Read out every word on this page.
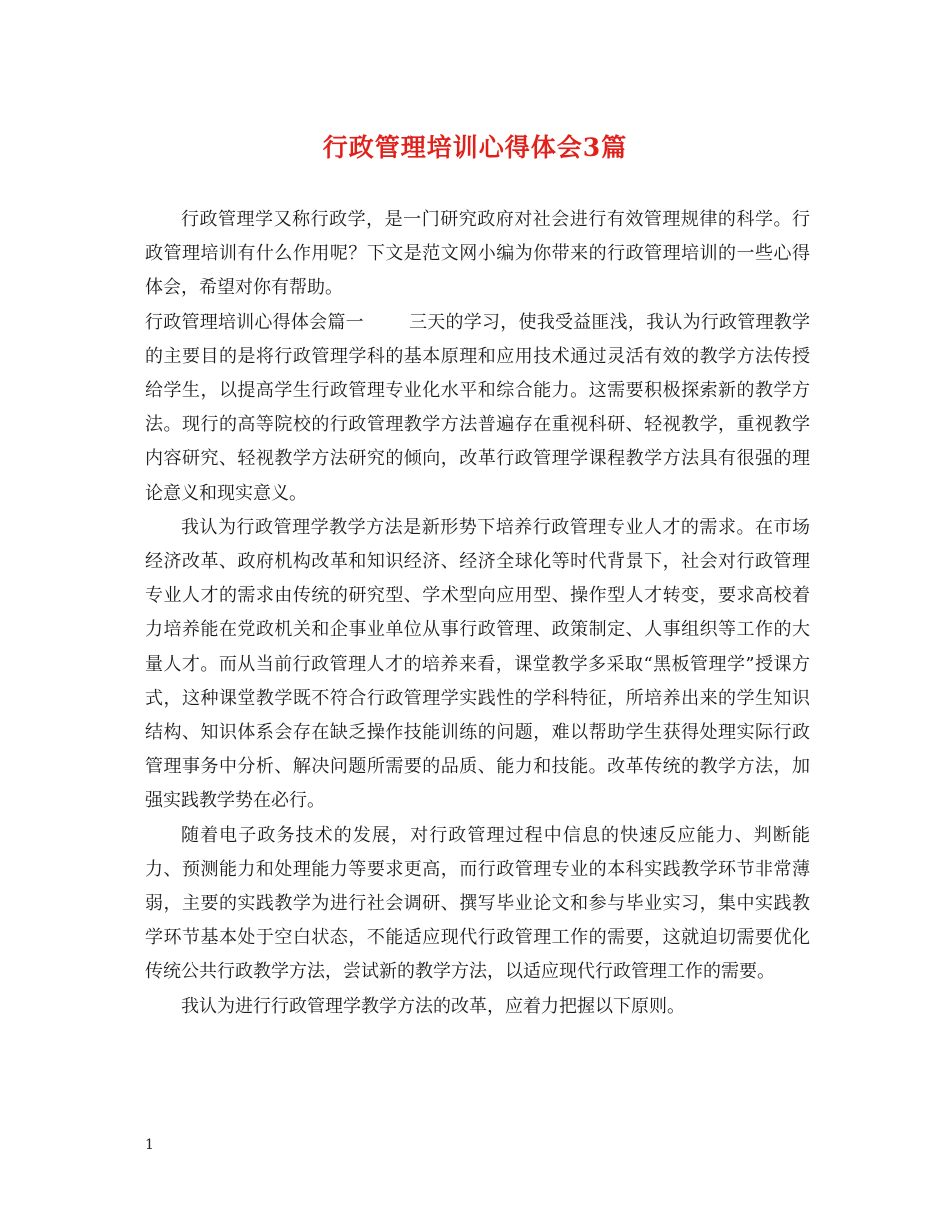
行政管理培训心得体会3篇

行政管理学又称行政学，是一门研究政府对社会进行有效管理规律的科学。行政管理培训有什么作用呢？下文是范文网小编为你带来的行政管理培训的一些心得体会，希望对你有帮助。

行政管理培训心得体会篇一	三天的学习，使我受益匪浅，我认为行政管理教学的主要目的是将行政管理学科的基本原理和应用技术通过灵活有效的教学方法传授给学生，以提高学生行政管理专业化水平和综合能力。这需要积极探索新的教学方法。现行的高等院校的行政管理教学方法普遍存在重视科研、轻视教学，重视教学内容研究、轻视教学方法研究的倾向，改革行政管理学课程教学方法具有很强的理论意义和现实意义。

我认为行政管理学教学方法是新形势下培养行政管理专业人才的需求。在市场经济改革、政府机构改革和知识经济、经济全球化等时代背景下，社会对行政管理专业人才的需求由传统的研究型、学术型向应用型、操作型人才转变，要求高校着力培养能在党政机关和企事业单位从事行政管理、政策制定、人事组织等工作的大量人才。而从当前行政管理人才的培养来看，课堂教学多采取“黑板管理学”授课方式，这种课堂教学既不符合行政管理学实践性的学科特征，所培养出来的学生知识结构、知识体系会存在缺乏操作技能训练的问题，难以帮助学生获得处理实际行政管理事务中分析、解决问题所需要的品质、能力和技能。改革传统的教学方法，加强实践教学势在必行。

随着电子政务技术的发展，对行政管理过程中信息的快速反应能力、判断能力、预测能力和处理能力等要求更高，而行政管理专业的本科实践教学环节非常薄弱，主要的实践教学为进行社会调研、撰写毕业论文和参与毕业实习，集中实践教学环节基本处于空白状态，不能适应现代行政管理工作的需要，这就迫切需要优化传统公共行政教学方法，尝试新的教学方法，以适应现代行政管理工作的需要。

我认为进行行政管理学教学方法的改革，应着力把握以下原则。

1
